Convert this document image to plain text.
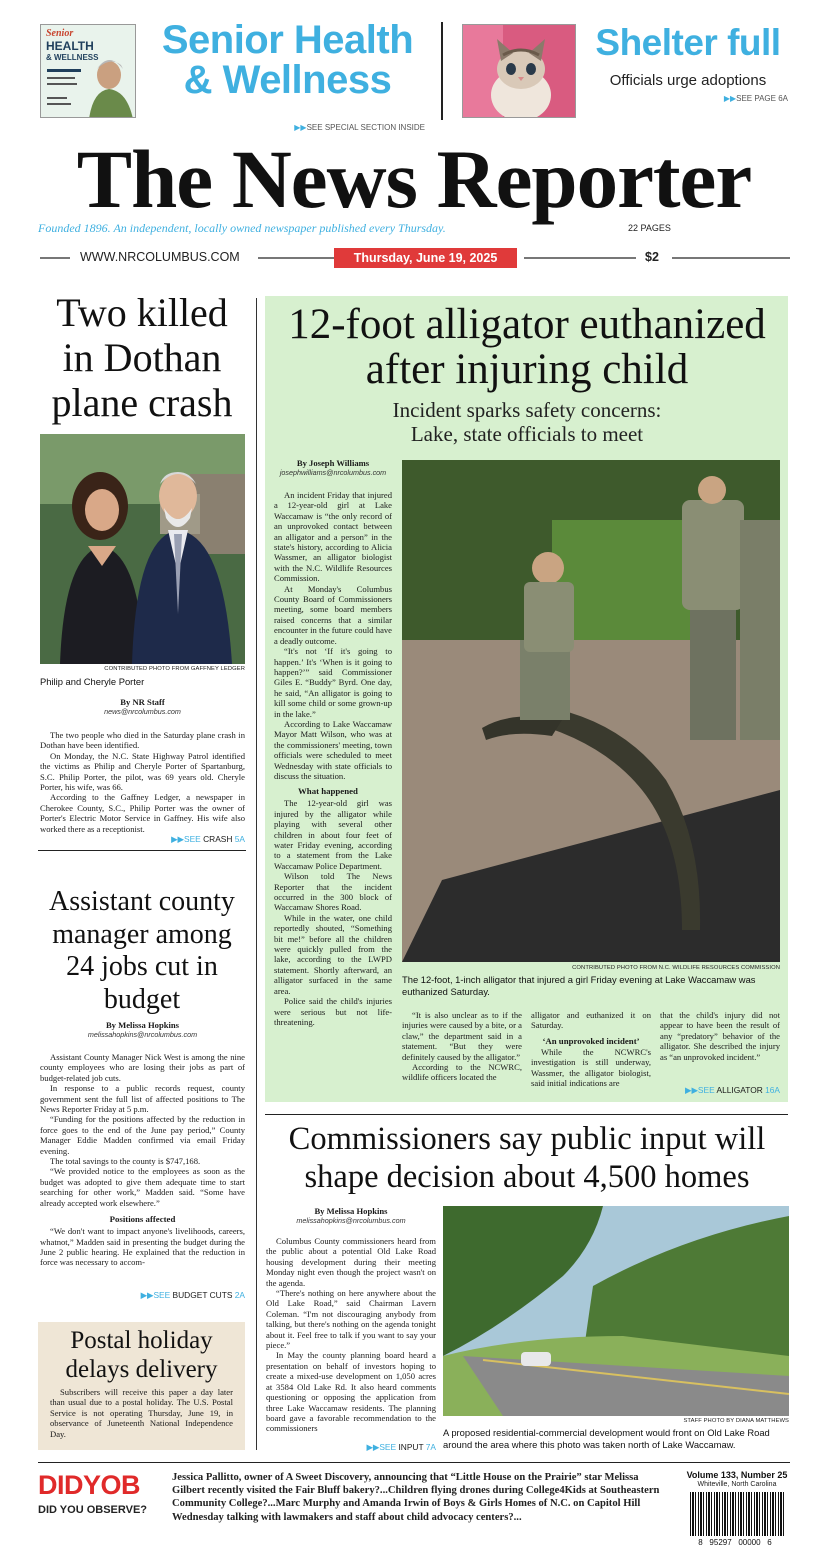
Senior
HEALTH
& WELLNESS Senior Health
& Wellness
▶▶SEE SPECIAL SECTION INSIDE
Shelter full
Officials urge adoptions
▶▶SEE PAGE 6A
The News Reporter
Founded 1896. An independent, locally owned newspaper published every Thursday.	22 PAGES
WWW.NRCOLUMBUS.COM	Thursday, June 19, 2025	$2
Two killed in Dothan plane crash
CONTRIBUTED PHOTO FROM GAFFNEY LEDGER
Philip and Cheryle Porter
By NR Staff
news@nrcolumbus.com

The two people who died in the Saturday plane crash in Dothan have been identified.

On Monday, the N.C. State Highway Patrol identified the victims as Philip and Cheryle Porter of Spartanburg, S.C. Philip Porter, the pilot, was 69 years old. Cheryle Porter, his wife, was 66.

According to the Gaffney Ledger, a newspaper in Cherokee County, S.C., Philip Porter was the owner of Porter's Electric Motor Service in Gaffney. His wife also worked there as a receptionist.

▶▶SEE CRASH 5A
Assistant county manager among 24 jobs cut in budget
By Melissa Hopkins
melissahopkins@nrcolumbus.com

Assistant County Manager Nick West is among the nine county employees who are losing their jobs as part of budget-related job cuts.

In response to a public records request, county government sent the full list of affected positions to The News Reporter Friday at 5 p.m.

“Funding for the positions affected by the reduction in force goes to the end of the June pay period,” County Manager Eddie Madden confirmed via email Friday evening.

The total savings to the county is $747,168.

“We provided notice to the employees as soon as the budget was adopted to give them adequate time to start searching for other work,” Madden said. “Some have already accepted work elsewhere.”

Positions affected

“We don't want to impact anyone's livelihoods, careers, whatnot,” Madden said in presenting the budget during the June 2 public hearing. He explained that the reduction in force was necessary to accom-

▶▶SEE BUDGET CUTS 2A
Postal holiday delays delivery

Subscribers will receive this paper a day later than usual due to a postal holiday. The U.S. Postal Service is not operating Thursday, June 19, in observance of Juneteenth National Independence Day.

12-foot alligator euthanized after injuring child
Incident sparks safety concerns:
Lake, state officials to meet
By Joseph Williams
josephwilliams@nrcolumbus.com

An incident Friday that injured a 12-year-old girl at Lake Waccamaw is “the only record of an unprovoked contact between an alligator and a person” in the state's history, according to Alicia Wassmer, an alligator biologist with the N.C. Wildlife Resources Commission.

At Monday's Columbus County Board of Commissioners meeting, some board members raised concerns that a similar encounter in the future could have a deadly outcome.

“It's not ‘If it's going to happen.’ It's ‘When is it going to happen?’” said Commissioner Giles E. “Buddy” Byrd. One day, he said, “An alligator is going to kill some child or some grown-up in the lake.”

According to Lake Waccamaw Mayor Matt Wilson, who was at the commissioners' meeting, town officials were scheduled to meet Wednesday with state officials to discuss the situation.

What happened

The 12-year-old girl was injured by the alligator while playing with several other children in about four feet of water Friday evening, according to a statement from the Lake Waccamaw Police Department.

Wilson told The News Reporter that the incident occurred in the 300 block of Waccamaw Shores Road.

While in the water, one child reportedly shouted, “Something bit me!” before all the children were quickly pulled from the lake, according to the LWPD statement. Shortly afterward, an alligator surfaced in the same area.

Police said the child's injuries were serious but not life-threatening.

CONTRIBUTED PHOTO FROM N.C. WILDLIFE RESOURCES COMMISSION
The 12-foot, 1-inch alligator that injured a girl Friday evening at Lake Waccamaw was euthanized Saturday.

“It is also unclear as to if the injuries were caused by a bite, or a claw,” the department said in a statement. “But they were definitely caused by the alligator.”

According to the NCWRC, wildlife officers located the

alligator and euthanized it on Saturday.

‘An unprovoked incident’

While the NCWRC's investigation is still underway, Wassmer, the alligator biologist, said initial indications are

that the child's injury did not appear to have been the result of any “predatory” behavior of the alligator. She described the injury as “an unprovoked incident.”

▶▶SEE ALLIGATOR 16A
Commissioners say public input will
shape decision about 4,500 homes
By Melissa Hopkins
melissahopkins@nrcolumbus.com

Columbus County commissioners heard from the public about a potential Old Lake Road housing development during their meeting Monday night even though the project wasn't on the agenda.

“There's nothing on here anywhere about the Old Lake Road,” said Chairman Lavern Coleman. “I'm not discouraging anybody from talking, but there's nothing on the agenda tonight about it. Feel free to talk if you want to say your piece.”

In May the county planning board heard a presentation on behalf of investors hoping to create a mixed-use development on 1,050 acres at 3584 Old Lake Rd. It also heard comments questioning or opposing the application from three Lake Waccamaw residents. The planning board gave a favorable recommendation to the commissioners

▶▶SEE INPUT 7A
STAFF PHOTO BY DIANA MATTHEWS
A proposed residential-commercial development would front on Old Lake Road around the area where this photo was taken north of Lake Waccamaw.
DIDYOB
DID YOU OBSERVE?
Jessica Pallitto, owner of A Sweet Discovery, announcing that “Little House on the Prairie” star Melissa Gilbert recently visited the Fair Bluff bakery?...Children flying drones during College4Kids at Southeastern Community College?...Marc Murphy and Amanda Irwin of Boys & Girls Homes of N.C. on Capitol Hill Wednesday talking with lawmakers and staff about child advocacy centers?...
Volume 133, Number 25
Whiteville, North Carolina
8   95297   00000   6
